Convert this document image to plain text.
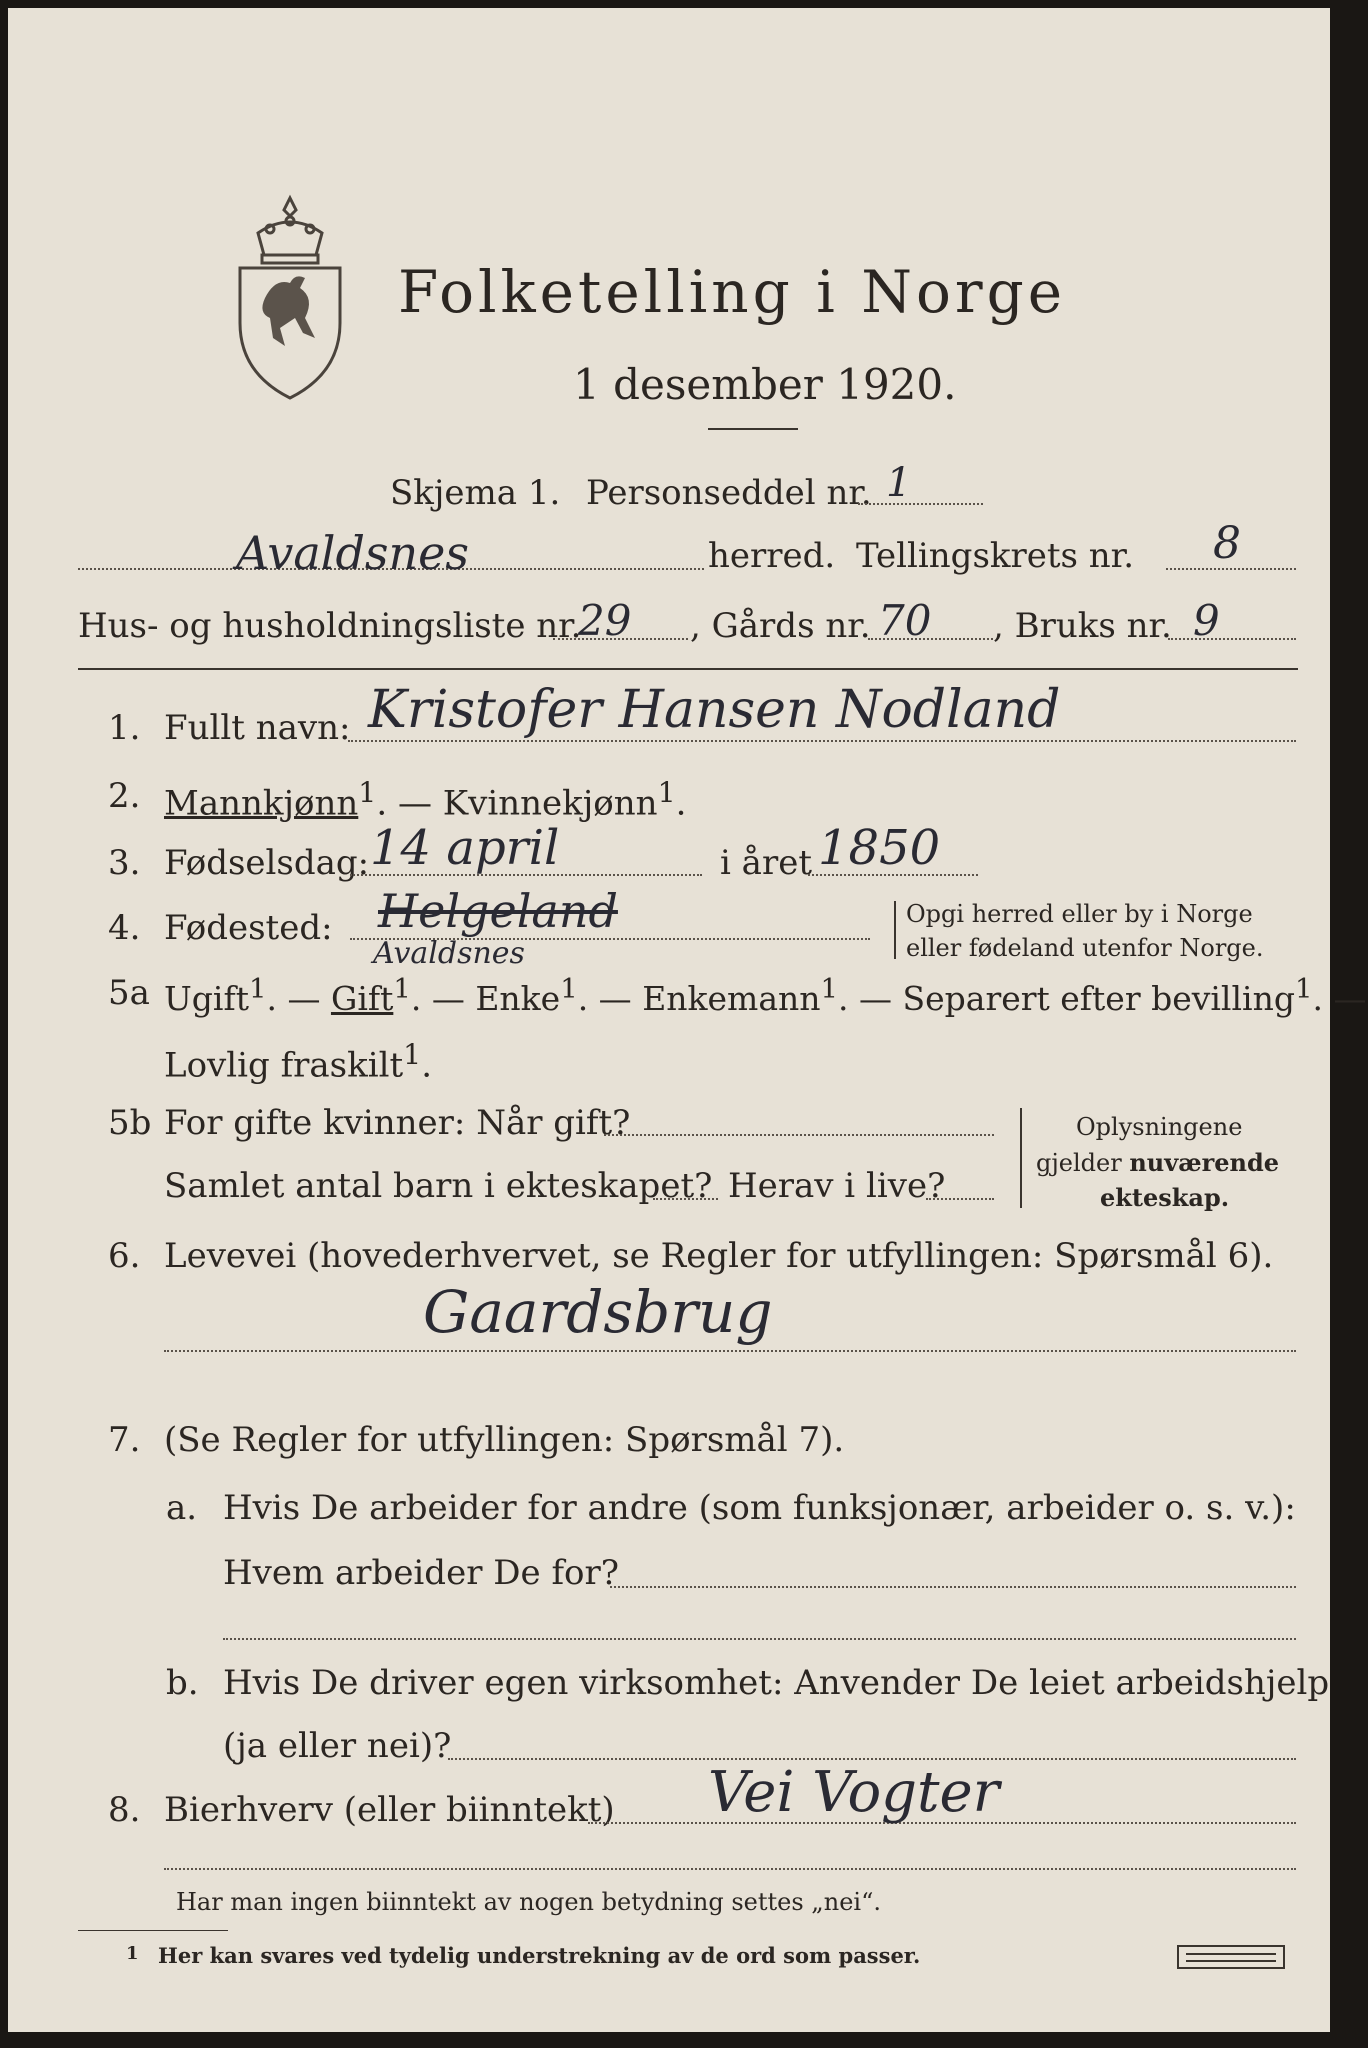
Folketelling i Norge
1 desember 1920.
Skjema 1. Personseddel nr. 1
Avaldsnes	herred. Tellingskrets nr. 8
Hus- og husholdningsliste nr.
29 , Gårds nr. 70 , Bruks nr. 9
1. Fullt navn: Kristofer Hansen Nodland
2. Mannkjønn$^1$. — Kvinnekjønn$^1$.
3. Fødselsdag: 14 april	i året 1850
4. Fødested: Helgeland
Avaldsnes
Opgi herred eller by i Norge
eller fødeland utenfor Norge.
5a Ugift$^1$. — Gift$^1$. — Enke$^1$. — Enkemann$^1$. — Separert efter bevilling$^1$. —
Lovlig fraskilt$^1$.
5b For gifte kvinner: Når gift?
Samlet antal barn i ekteskapet? Herav i live?
Oplysningene
gjelder nuværende
ekteskap.
6. Levevei (hovederhvervet, se Regler for utfyllingen: Spørsmål 6).
Gaardsbrug
7. (Se Regler for utfyllingen: Spørsmål 7).
a. Hvis De arbeider for andre (som funksjonær, arbeider o. s. v.):
Hvem arbeider De for?
b. Hvis De driver egen virksomhet: Anvender De leiet arbeidshjelp
(ja eller nei)?
8. Bierhverv (eller biinntekt) Vei Vogter
Har man ingen biinntekt av nogen betydning settes „nei“.
1 Her kan svares ved tydelig understrekning av de ord som passer.
